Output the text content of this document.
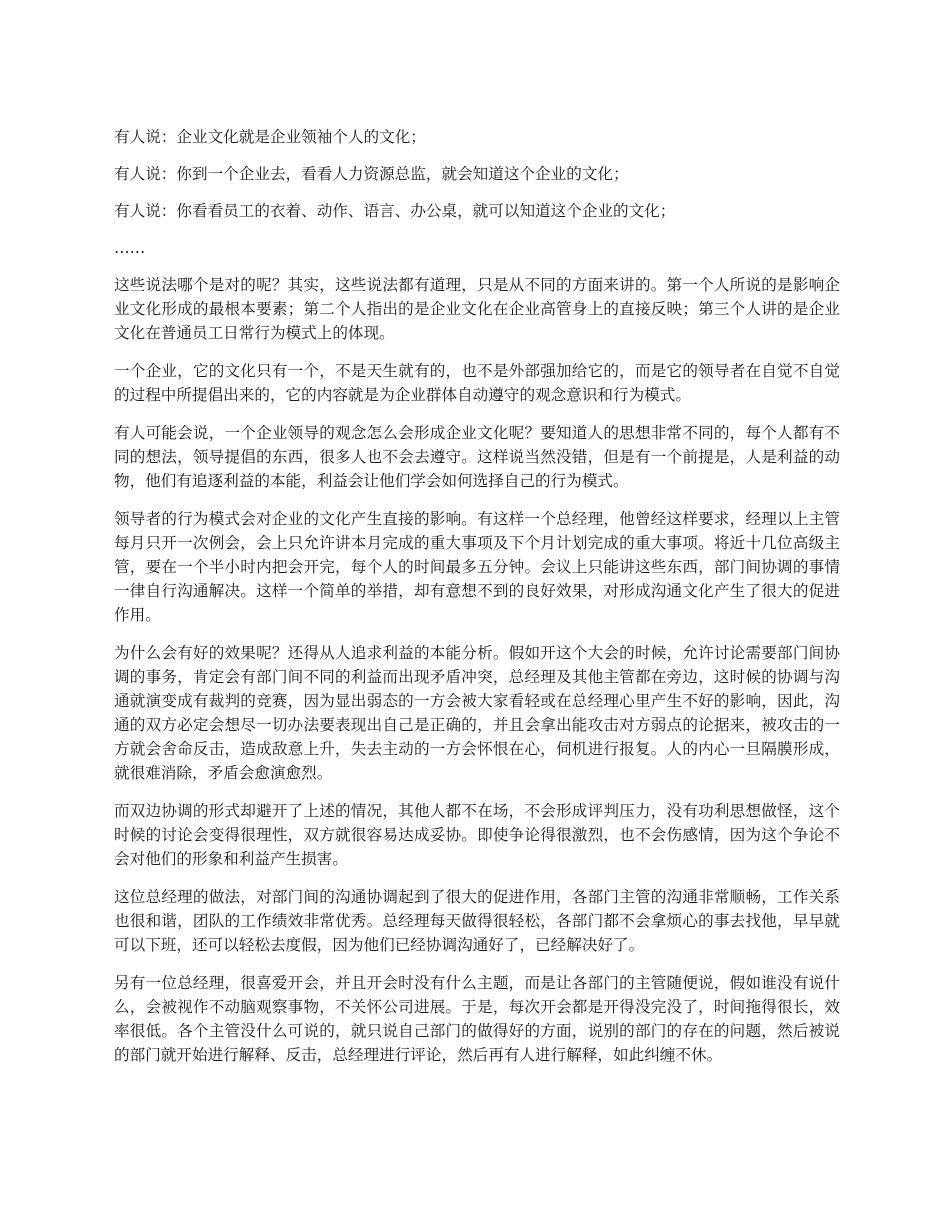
有人说：企业文化就是企业领袖个人的文化；

有人说：你到一个企业去，看看人力资源总监，就会知道这个企业的文化；

有人说：你看看员工的衣着、动作、语言、办公桌，就可以知道这个企业的文化；

……

这些说法哪个是对的呢？其实，这些说法都有道理，只是从不同的方面来讲的。第一个人所说的是影响企业文化形成的最根本要素；第二个人指出的是企业文化在企业高管身上的直接反映；第三个人讲的是企业文化在普通员工日常行为模式上的体现。

一个企业，它的文化只有一个，不是天生就有的，也不是外部强加给它的，而是它的领导者在自觉不自觉的过程中所提倡出来的，它的内容就是为企业群体自动遵守的观念意识和行为模式。

有人可能会说，一个企业领导的观念怎么会形成企业文化呢？要知道人的思想非常不同的，每个人都有不同的想法，领导提倡的东西，很多人也不会去遵守。这样说当然没错，但是有一个前提是，人是利益的动物，他们有追逐利益的本能，利益会让他们学会如何选择自己的行为模式。

领导者的行为模式会对企业的文化产生直接的影响。有这样一个总经理，他曾经这样要求，经理以上主管每月只开一次例会，会上只允许讲本月完成的重大事项及下个月计划完成的重大事项。将近十几位高级主管，要在一个半小时内把会开完，每个人的时间最多五分钟。会议上只能讲这些东西，部门间协调的事情一律自行沟通解决。这样一个简单的举措，却有意想不到的良好效果，对形成沟通文化产生了很大的促进作用。

为什么会有好的效果呢？还得从人追求利益的本能分析。假如开这个大会的时候，允许讨论需要部门间协调的事务，肯定会有部门间不同的利益而出现矛盾冲突，总经理及其他主管都在旁边，这时候的协调与沟通就演变成有裁判的竞赛，因为显出弱态的一方会被大家看轻或在总经理心里产生不好的影响，因此，沟通的双方必定会想尽一切办法要表现出自己是正确的，并且会拿出能攻击对方弱点的论据来，被攻击的一方就会舍命反击，造成敌意上升，失去主动的一方会怀恨在心，伺机进行报复。人的内心一旦隔膜形成，就很难消除，矛盾会愈演愈烈。

而双边协调的形式却避开了上述的情况，其他人都不在场，不会形成评判压力，没有功利思想做怪，这个时候的讨论会变得很理性，双方就很容易达成妥协。即使争论得很激烈，也不会伤感情，因为这个争论不会对他们的形象和利益产生损害。

这位总经理的做法，对部门间的沟通协调起到了很大的促进作用，各部门主管的沟通非常顺畅，工作关系也很和谐，团队的工作绩效非常优秀。总经理每天做得很轻松，各部门都不会拿烦心的事去找他，早早就可以下班，还可以轻松去度假，因为他们已经协调沟通好了，已经解决好了。

另有一位总经理，很喜爱开会，并且开会时没有什么主题，而是让各部门的主管随便说，假如谁没有说什么，会被视作不动脑观察事物，不关怀公司进展。于是，每次开会都是开得没完没了，时间拖得很长，效率很低。各个主管没什么可说的，就只说自己部门的做得好的方面，说别的部门的存在的问题，然后被说的部门就开始进行解释、反击，总经理进行评论，然后再有人进行解释，如此纠缠不休。
